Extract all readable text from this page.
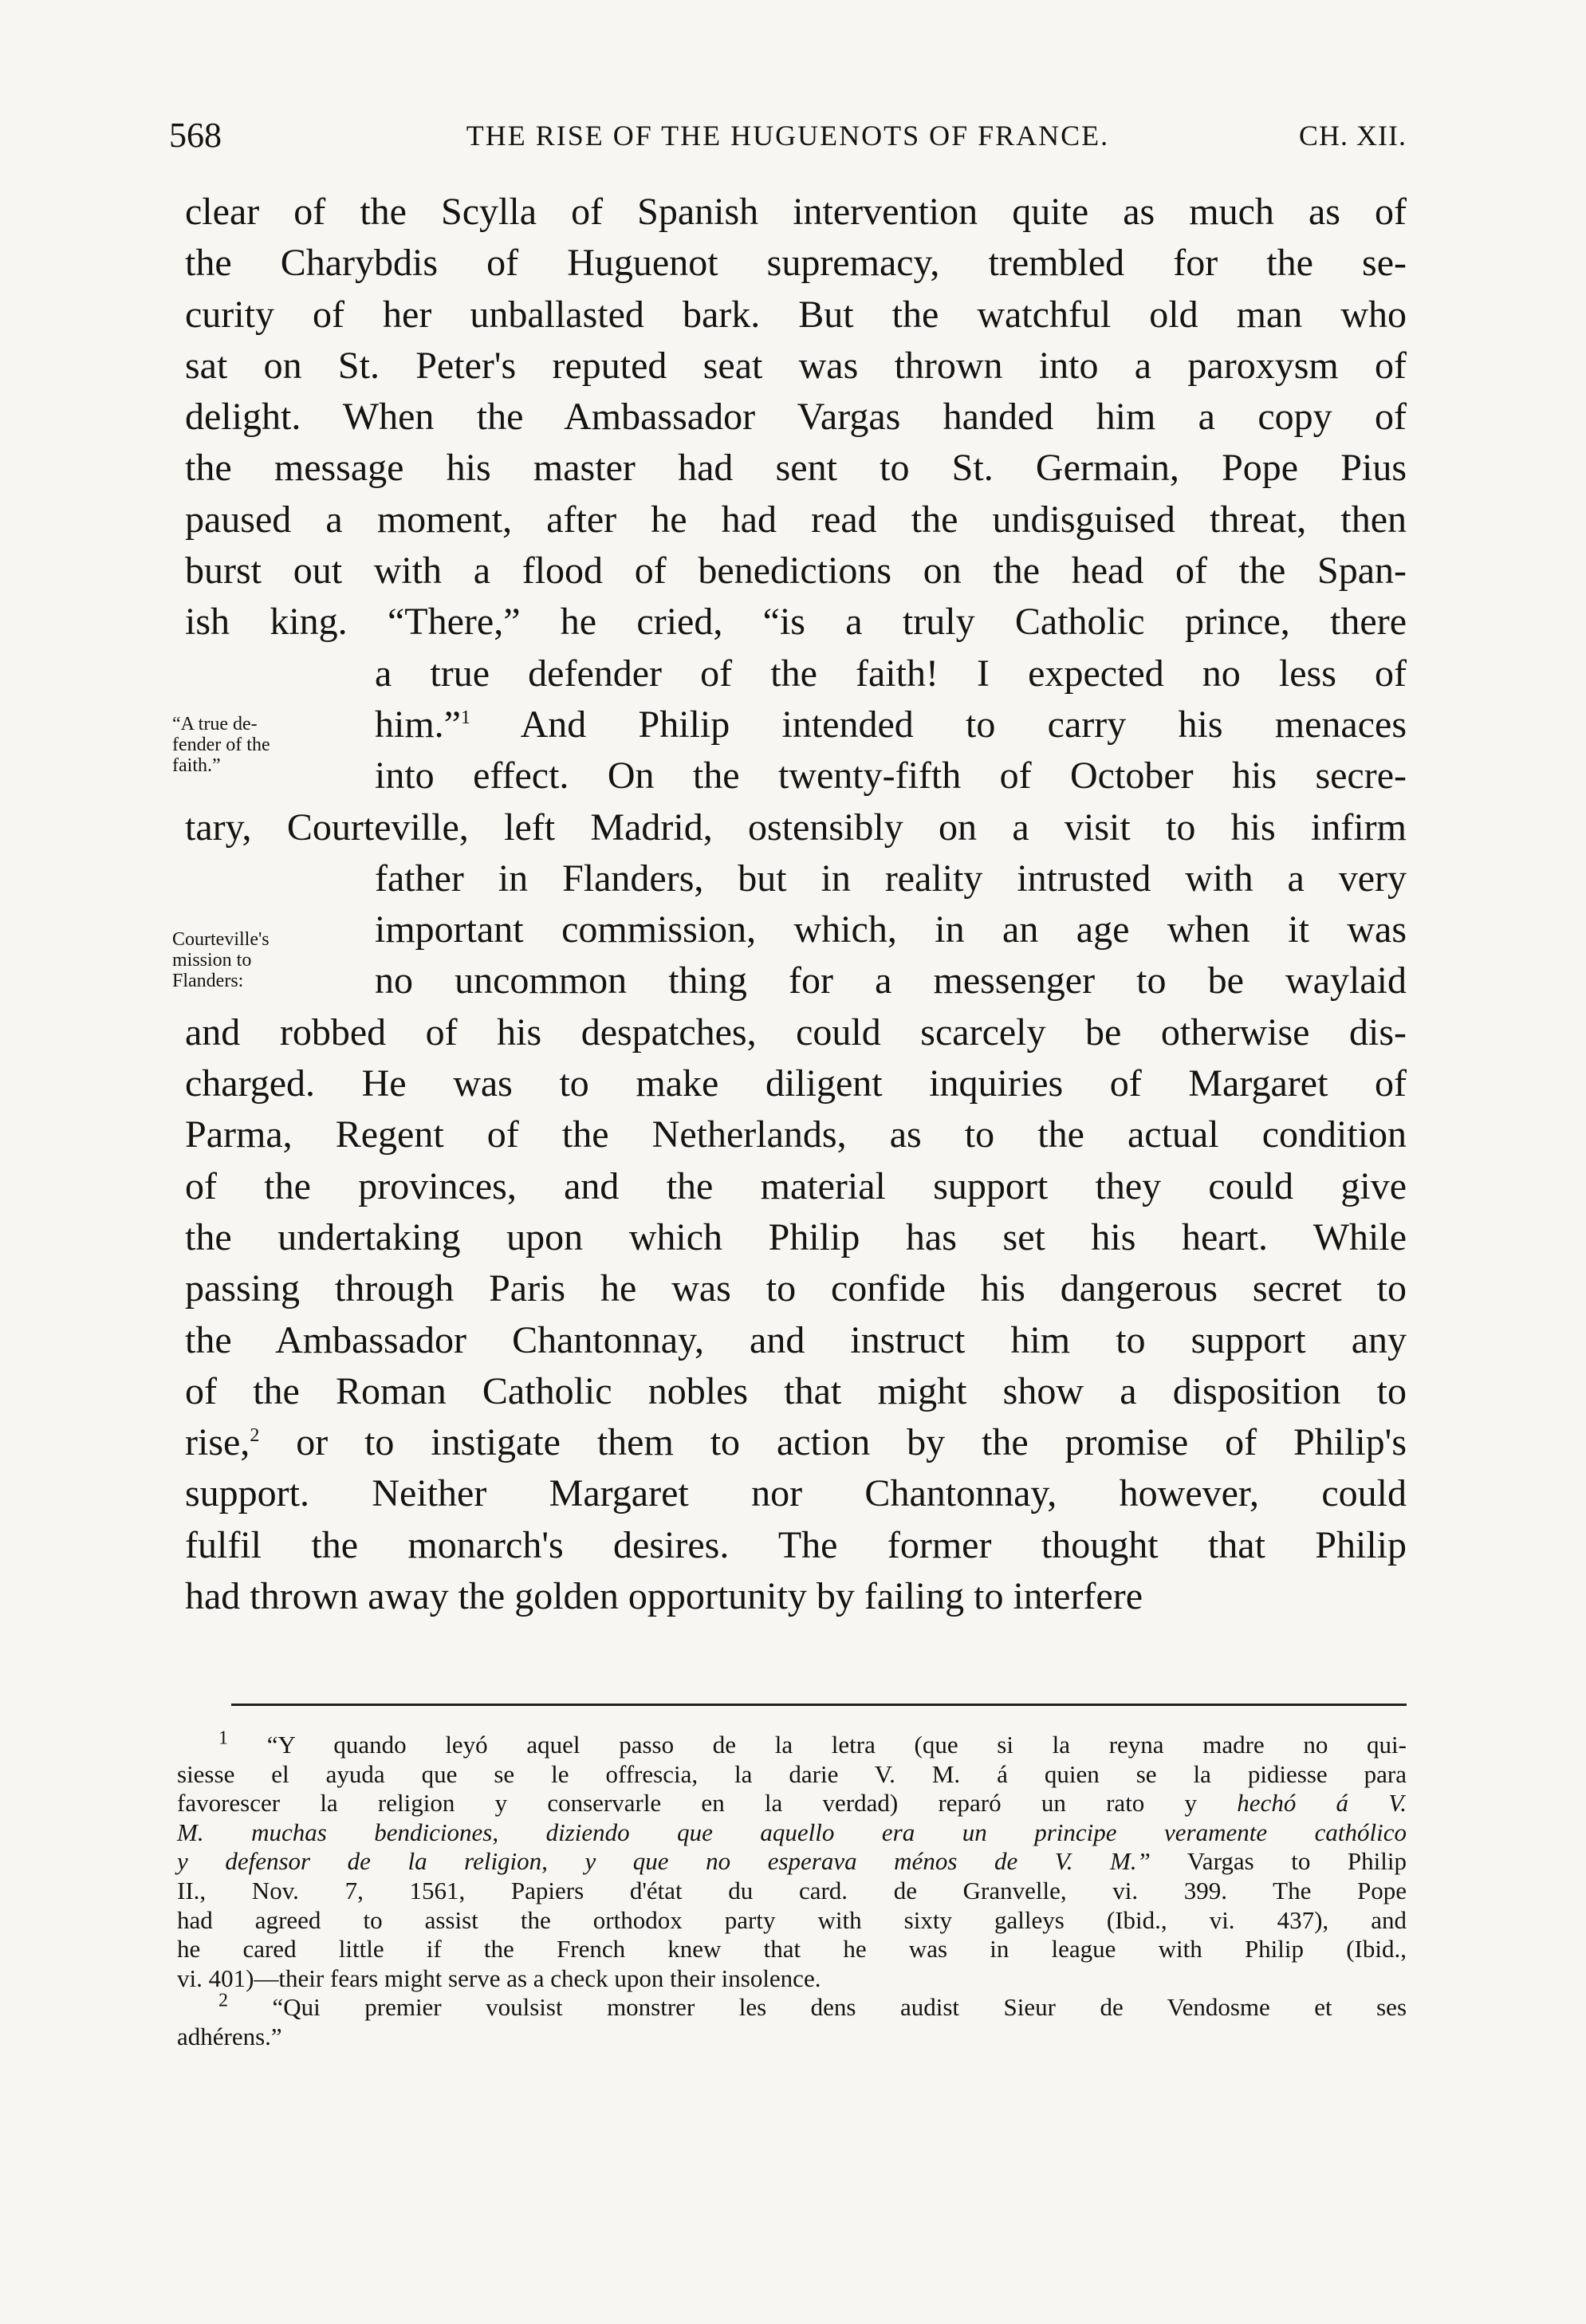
568	THE RISE OF THE HUGUENOTS OF FRANCE.	CH. XII.
clear of the Scylla of Spanish intervention quite as much as of
the Charybdis of Huguenot supremacy, trembled for the se-
curity of her unballasted bark. But the watchful old man who
sat on St. Peter's reputed seat was thrown into a paroxysm of
delight. When the Ambassador Vargas handed him a copy of
the message his master had sent to St. Germain, Pope Pius
paused a moment, after he had read the undisguised threat, then
burst out with a flood of benedictions on the head of the Span-
ish king. “There,” he cried, “is a truly Catholic prince, there
a true defender of the faith! I expected no less of
him.”$^1$ And Philip intended to carry his menaces
into effect. On the twenty-fifth of October his secre-
tary, Courteville, left Madrid, ostensibly on a visit to his infirm
father in Flanders, but in reality intrusted with a very
important commission, which, in an age when it was
no uncommon thing for a messenger to be waylaid
and robbed of his despatches, could scarcely be otherwise dis-
charged. He was to make diligent inquiries of Margaret of
Parma, Regent of the Netherlands, as to the actual condition
of the provinces, and the material support they could give
the undertaking upon which Philip has set his heart. While
passing through Paris he was to confide his dangerous secret to
the Ambassador Chantonnay, and instruct him to support any
of the Roman Catholic nobles that might show a disposition to
rise,$^2$ or to instigate them to action by the promise of Philip's
support. Neither Margaret nor Chantonnay, however, could
fulfil the monarch's desires. The former thought that Philip
had thrown away the golden opportunity by failing to interfere
“A true de-
fender of the
faith.”
Courteville's
mission to
Flanders:
$^1$ “Y quando leyó aquel passo de la letra (que si la reyna madre no qui-
siesse el ayuda que se le offrescia, la darie V. M. á quien se la pidiesse para
favorescer la religion y conservarle en la verdad) reparó un rato y hechó á V.
M. muchas bendiciones, diziendo que aquello era un principe veramente cathólico
y defensor de la religion, y que no esperava ménos de V. M.” Vargas to Philip
II., Nov. 7, 1561, Papiers d'état du card. de Granvelle, vi. 399. The Pope
had agreed to assist the orthodox party with sixty galleys (Ibid., vi. 437), and
he cared little if the French knew that he was in league with Philip (Ibid.,
vi. 401)—their fears might serve as a check upon their insolence.
$^2$ “Qui premier voulsist monstrer les dens audist Sieur de Vendosme et ses
adhérens.”
